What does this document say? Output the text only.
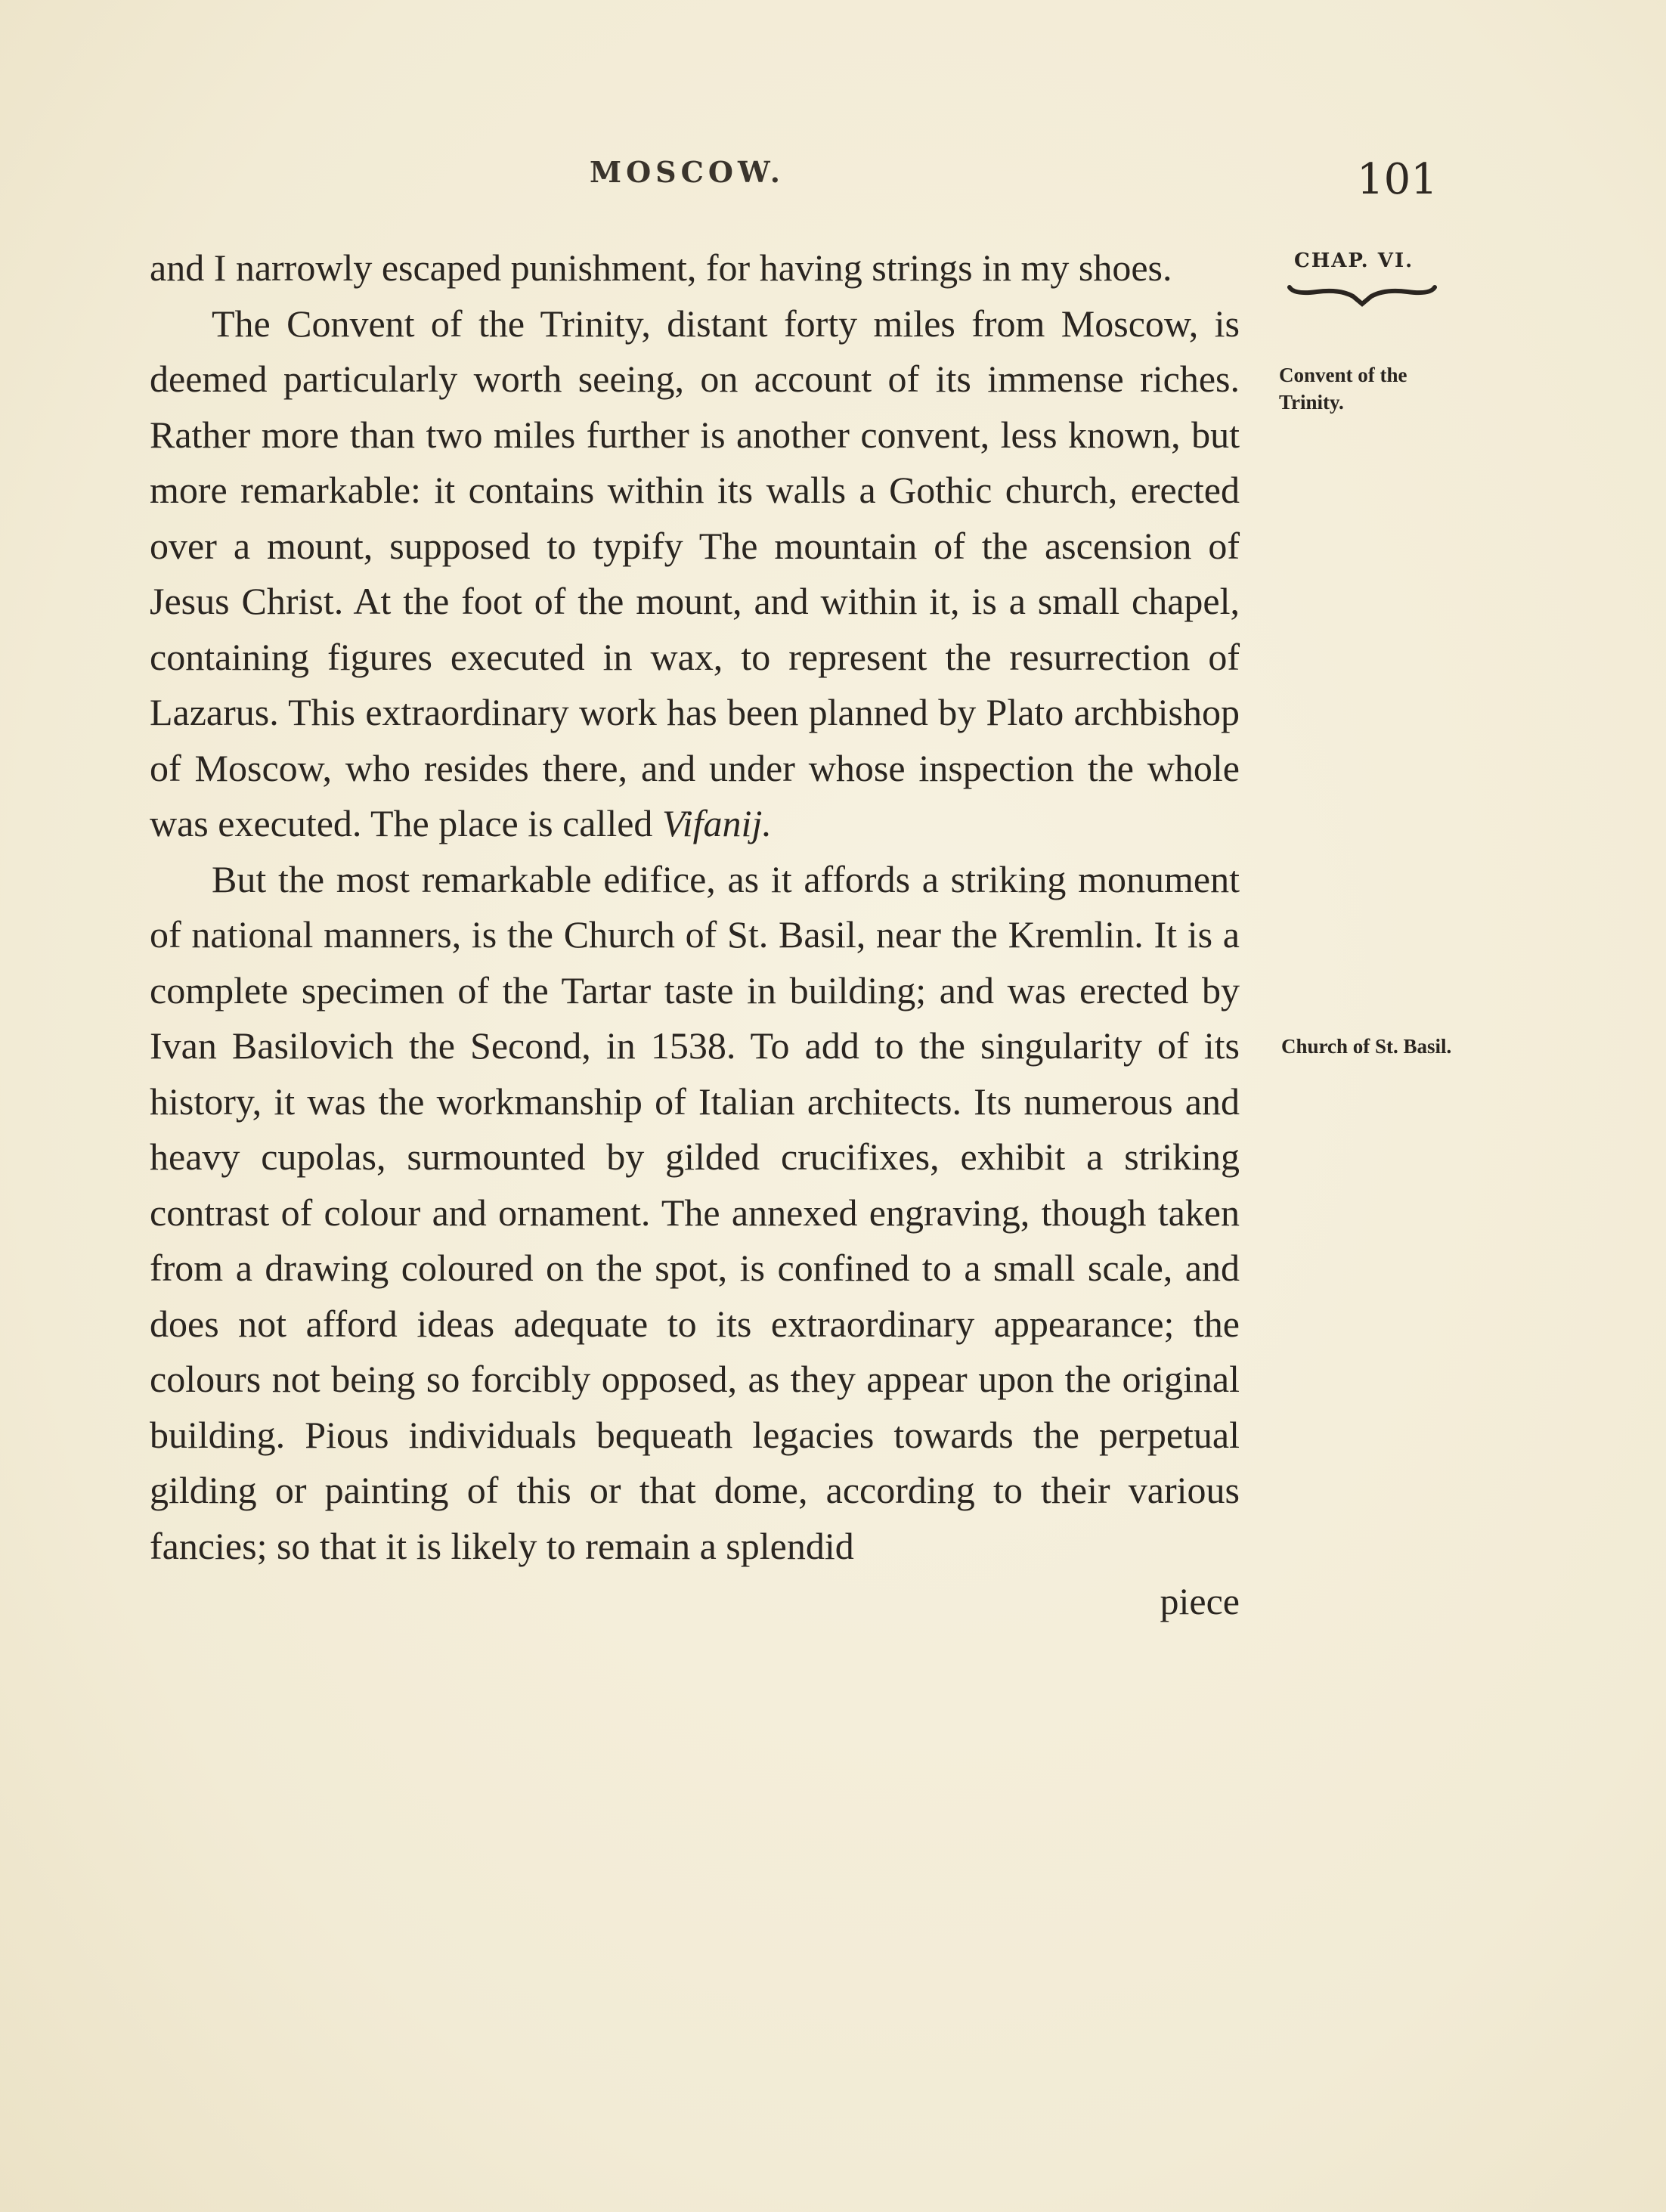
MOSCOW.	101
CHAP. VI.
Convent of the Trinity.
Church of St. Basil.

and I narrowly escaped punishment, for having strings in my shoes.

The Convent of the Trinity, distant forty miles from Moscow, is deemed particularly worth seeing, on account of its immense riches. Rather more than two miles further is another convent, less known, but more remarkable: it contains within its walls a Gothic church, erected over a mount, supposed to typify The mountain of the ascension of Jesus Christ. At the foot of the mount, and within it, is a small chapel, containing figures executed in wax, to represent the resurrection of Lazarus. This extraordinary work has been planned by Plato archbishop of Moscow, who resides there, and under whose inspection the whole was executed. The place is called Vifanij.

But the most remarkable edifice, as it affords a striking monument of national manners, is the Church of St. Basil, near the Kremlin. It is a complete specimen of the Tartar taste in building; and was erected by Ivan Basilovich the Second, in 1538. To add to the singularity of its history, it was the workmanship of Italian architects. Its numerous and heavy cupolas, surmounted by gilded crucifixes, exhibit a striking contrast of colour and ornament. The annexed engraving, though taken from a drawing coloured on the spot, is confined to a small scale, and does not afford ideas adequate to its extraordinary appearance; the colours not being so forcibly opposed, as they appear upon the original building. Pious individuals bequeath legacies towards the perpetual gilding or painting of this or that dome, according to their various fancies; so that it is likely to remain a splendid

piece
